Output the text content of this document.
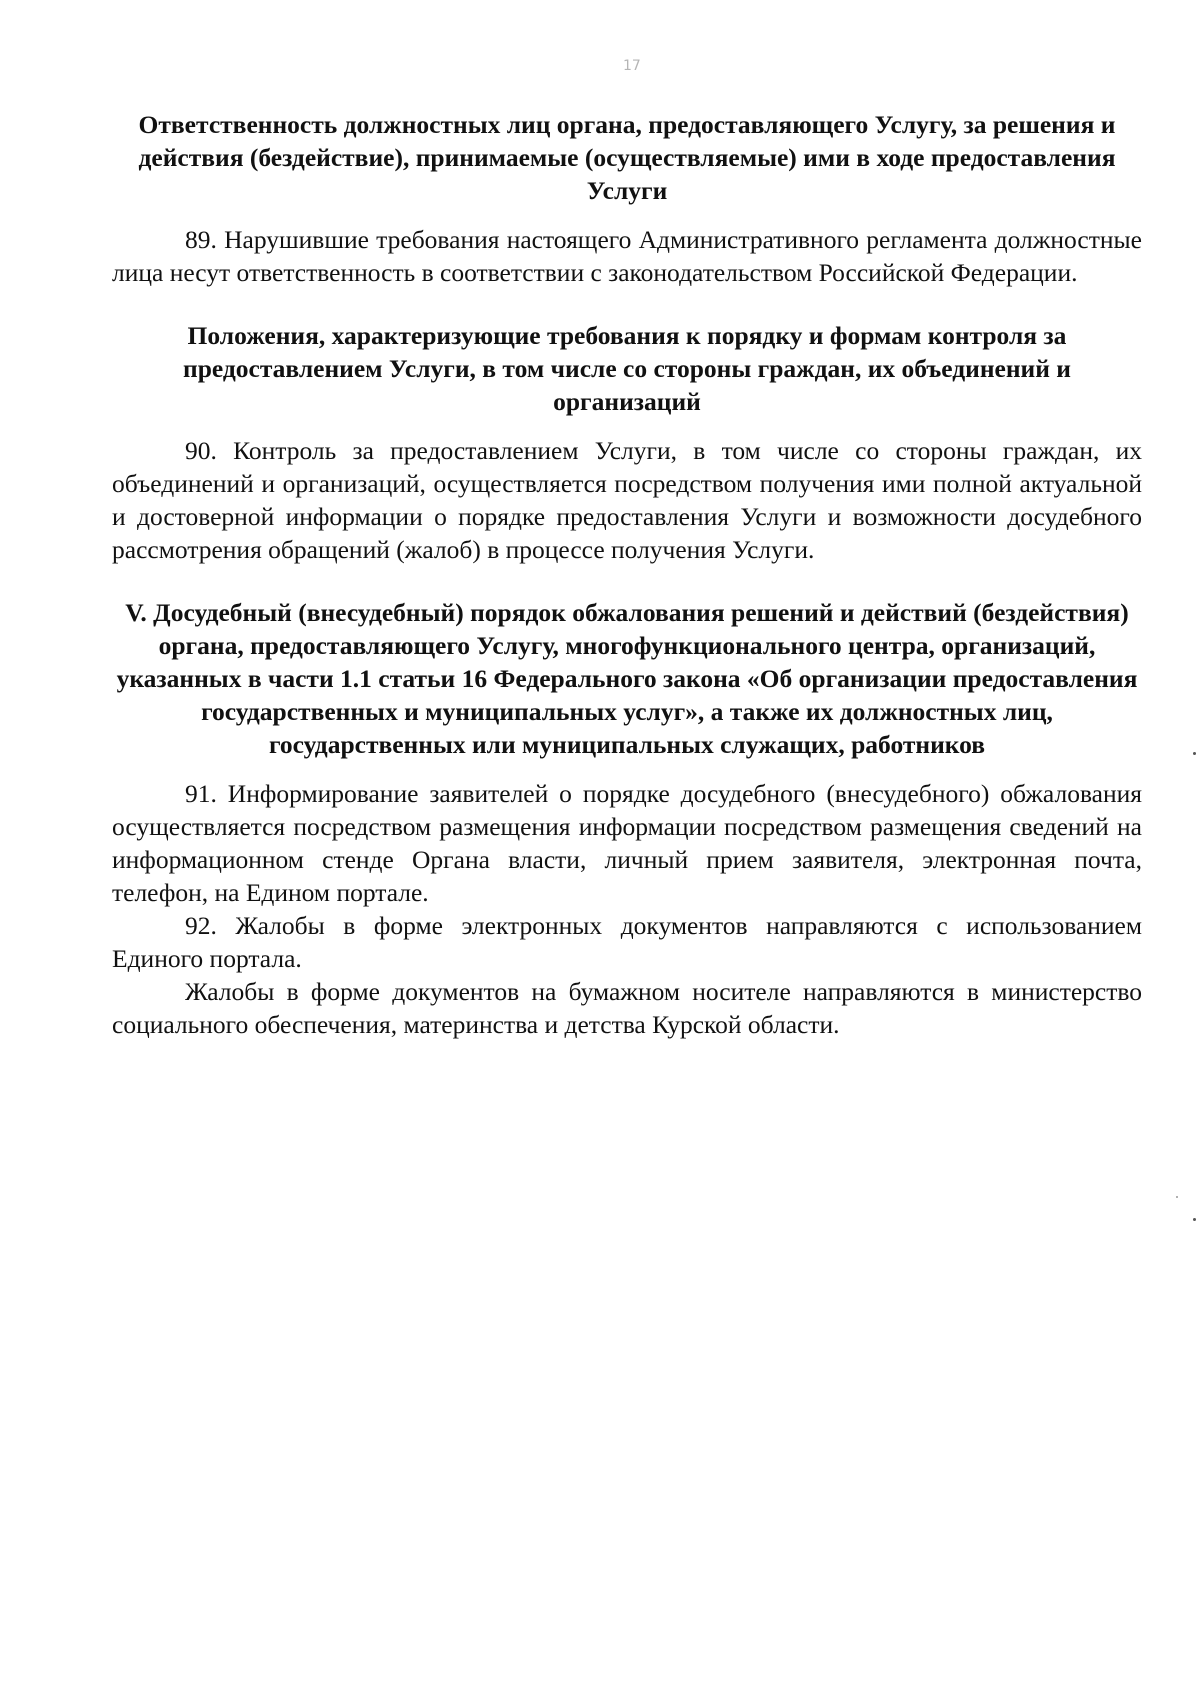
17

Ответственность должностных лиц органа, предоставляющего Услугу, за решения и действия (бездействие), принимаемые (осуществляемые) ими в ходе предоставления Услуги

89. Нарушившие требования настоящего Административного регламента должностные лица несут ответственность в соответствии с законодательством Российской Федерации.

Положения, характеризующие требования к порядку и формам контроля за предоставлением Услуги, в том числе со стороны граждан, их объединений и организаций

90. Контроль за предоставлением Услуги, в том числе со стороны граждан, их объединений и организаций, осуществляется посредством получения ими полной актуальной и достоверной информации о порядке предоставления Услуги и возможности досудебного рассмотрения обращений (жалоб) в процессе получения Услуги.

V. Досудебный (внесудебный) порядок обжалования решений и действий (бездействия) органа, предоставляющего Услугу, многофункционального центра, организаций, указанных в части 1.1 статьи 16 Федерального закона «Об организации предоставления государственных и муниципальных услуг», а также их должностных лиц, государственных или муниципальных служащих, работников

91. Информирование заявителей о порядке досудебного (внесудебного) обжалования осуществляется посредством размещения информации посредством размещения сведений на информационном стенде Органа власти, личный прием заявителя, электронная почта, телефон, на Едином портале.

92. Жалобы в форме электронных документов направляются с использованием Единого портала.

Жалобы в форме документов на бумажном носителе направляются в министерство социального обеспечения, материнства и детства Курской области.
